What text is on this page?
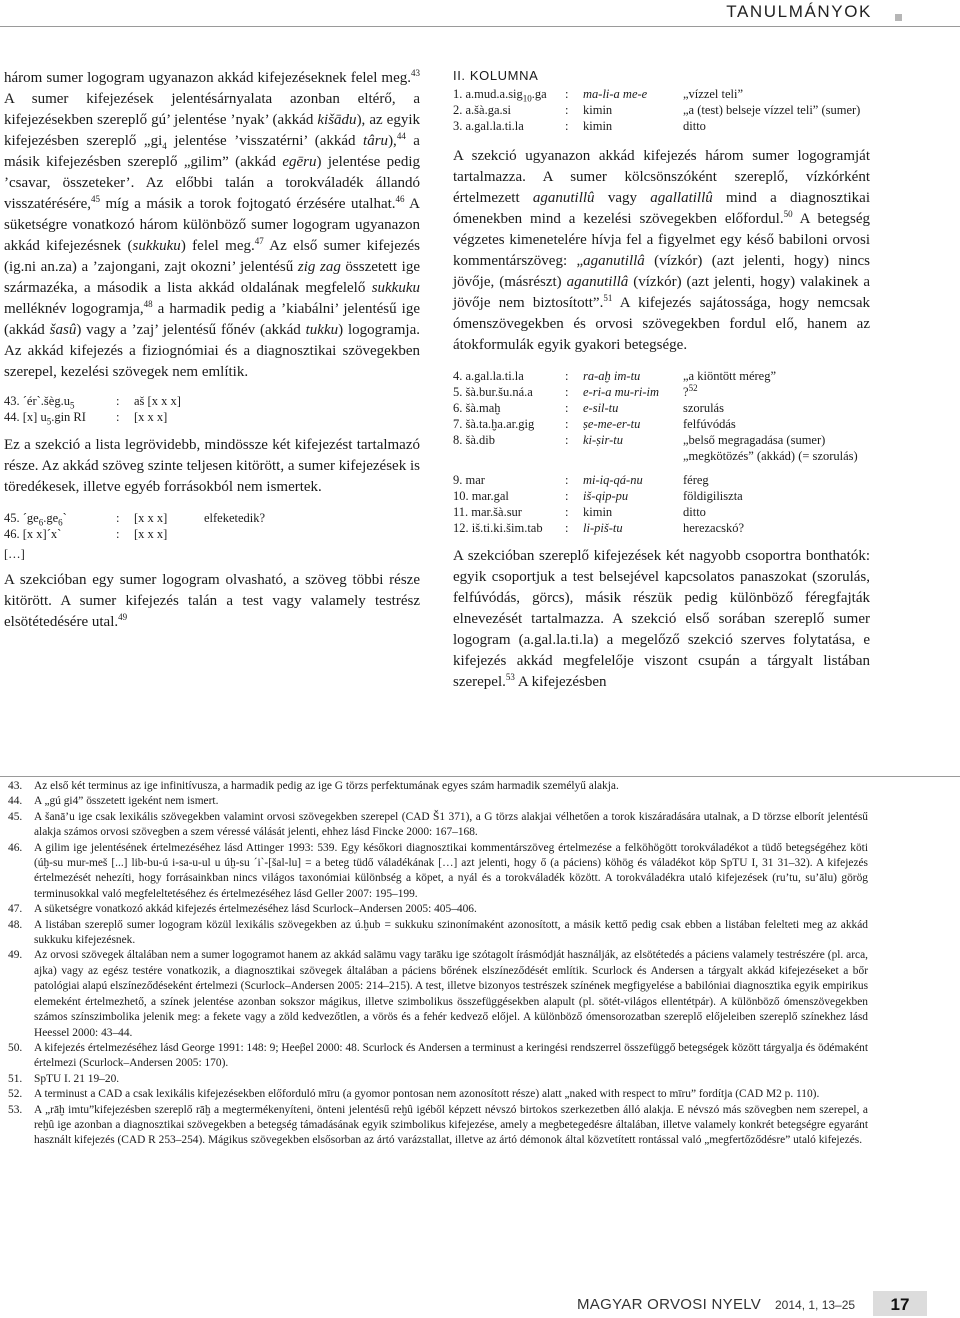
TANULMÁNYOK

három sumer logogram ugyanazon akkád kifejezéseknek felel meg.$^{43}$ A sumer kifejezések jelentésárnyalata azonban eltérő, a kifejezésekben szereplő gú’ jelentése ’nyak’ (akkád kišādu), az egyik kifejezésben szereplő $„gi_4$ jelentése ’visszatérni’ (akkád târu),$^{44}$ a másik kifejezésben szereplő „gilim” (akkád egēru) jelentése pedig ’csavar, összeteker’. Az előbbi talán a torokváladék állandó visszatérésére,$^{45}$ míg a másik a torok fojtogató érzésére utalhat.$^{46}$ A süketségre vonatkozó három különböző sumer logogram ugyanazon akkád kifejezésnek (sukkuku) felel meg.$^{47}$ Az első sumer kifejezés (ig.ni an.za) a ’zajongani, zajt okozni’ jelentésű zig zag összetett ige származéka, a második a lista akkád oldalának megfelelő sukkuku melléknév logogramja,$^{48}$ a harmadik pedig a ’kiabálni’ jelentésű ige (akkád šasû) vagy a ’zaj’ jelentésű főnév (akkád tukku) logogramja. Az akkád kifejezés a fiziognómiai és a diagnosztikai szövegekben szerepel, kezelési szövegek nem említik.

43. $´ér`.šèg.u_5$	:	aš [x x x]
44. [x] $u_5.gin$ RI	:	[x x x]

Ez a szekció a lista legrövidebb, mindössze két kifejezést tartalmazó része. Az akkád szöveg szinte teljesen kitörött, a sumer kifejezések is töredékesek, illetve egyéb forrásokból nem ismertek.

45. $´ge_6.ge_6`$	:	[x x x]	elfeketedik?
46. [x x]´x`	:	[x x x]	
[…]

A szekcióban egy sumer logogram olvasható, a szöveg többi része kitörött. A sumer kifejezés talán a test vagy valamely testrész elsötétedésére utal.$^{49}$

II. KOLUMNA
1. a.mud.a.sig$_{10}$.ga	:	ma-li-a me-e	„vízzel teli”
2. a.šà.ga.si	:	kimin	„a (test) belseje vízzel teli” (sumer)
3. a.gal.la.ti.la	:	kimin	ditto

A szekció ugyanazon akkád kifejezés három sumer logogramját tartalmazza. A sumer kölcsönszóként szereplő, vízkórként értelmezett aganutillû vagy agallatillû mind a diagnosztikai ómenekben mind a kezelési szövegekben előfordul.$^{50}$ A betegség végzetes kimenetelére hívja fel a figyelmet egy késő babiloni orvosi kommentárszöveg: „aganutillâ (vízkór) (azt jelenti, hogy) nincs jövője, (másrészt) aganutillâ (vízkór) (azt jelenti, hogy) valakinek a jövője nem biztosított”.$^{51}$ A kifejezés sajátossága, hogy nemcsak ómenszövegekben és orvosi szövegekben fordul elő, hanem az átokformulák egyik gyakori betegsége.

4. a.gal.la.ti.la	:	ra-aḫ im-tu	„a kiöntött méreg”
5. šà.bur.šu.ná.a	:	e-ri-a mu-ri-im	?$^{52}$
6. šà.maḫ	:	e-sil-tu	szorulás
7. šà.ta.ḫa.ar.gig	:	ṣe-me-er-tu	felfúvódás
8. šà.dib	:	ki-ṣir-tu	„belső megragadása (sumer)
			„megkötözés” (akkád) (= szorulás)
9. mar	:	mi-iq-qá-nu	féreg
10. mar.gal	:	iš-qip-pu	földigiliszta
11. mar.šà.sur	:	kimin	ditto
12. iš.ti.ki.šim.tab	:	li-piš-tu	herezacskó?

A szekcióban szereplő kifejezések két nagyobb csoportra bonthatók: egyik csoportjuk a test belsejével kapcsolatos panaszokat (szorulás, felfúvódás, görcs), másik részük pedig különböző féregfajták elnevezését tartalmazza. A szekció első sorában szereplő sumer logogram (a.gal.la.ti.la) a megelőző szekció szerves folytatása, e kifejezés akkád megfelelője viszont csupán a tárgyalt listában szerepel.$^{53}$ A kifejezésben

43.	Az első két terminus az ige infinitívusza, a harmadik pedig az ige G törzs perfektumának egyes szám harmadik személyű alakja.

44.	A „gú gi4” összetett igeként nem ismert.

45.	A šanā’u ige csak lexikális szövegekben valamint orvosi szövegekben szerepel (CAD Š1 371), a G törzs alakjai vélhetően a torok kiszáradására utalnak, a D törzse elborít jelentésű alakja számos orvosi szövegben a szem véressé válását jelenti, ehhez lásd Fincke 2000: 167–168.

46.	A gilim ige jelentésének értelmezéséhez lásd Attinger 1993: 539. Egy későkori diagnosztikai kommentárszöveg értelmezése a felköhögött torokváladékot a tüdő betegségéhez köti (úḫ-su mur-meš [...] lib-bu-ú i-sa-u-ul u úḫ-su ´i`-[šal-lu] = a beteg tüdő váladékának […] azt jelenti, hogy ő (a páciens) köhög és váladékot köp SpTU I, 31 31–32). A kifejezés értelmezését nehezíti, hogy forrásainkban nincs világos taxonómiai különbség a köpet, a nyál és a torokváladék között. A torokváladékra utaló kifejezések (ru’tu, su’ālu) görög terminusokkal való megfeleltetéséhez és értelmezéséhez lásd Geller 2007: 195–199.

47.	A süketségre vonatkozó akkád kifejezés értelmezéséhez lásd Scurlock–Andersen 2005: 405–406.

48.	A listában szereplő sumer logogram közül lexikális szövegekben az ú.ḫub = sukkuku szinonímaként azonosított, a másik kettő pedig csak ebben a listában felelteti meg az akkád sukkuku kifejezésnek.

49.	Az orvosi szövegek általában nem a sumer logogramot hanem az akkád salāmu vagy tarāku ige szótagolt írásmódját használják, az elsötétedés a páciens valamely testrészére (pl. arca, ajka) vagy az egész testére vonatkozik, a diagnosztikai szövegek általában a páciens bőrének elszíneződését említik. Scurlock és Andersen a tárgyalt akkád kifejezéseket a bőr patológiai alapú elszíneződéseként értelmezi (Scurlock–Andersen 2005: 214–215). A test, illetve bizonyos testrészek színének megfigyelése a babilóniai diagnosztika egyik empirikus elemeként értelmezhető, a színek jelentése azonban sokszor mágikus, illetve szimbolikus összefüggésekben alapult (pl. sötét-világos ellentétpár). A különböző ómenszövegekben számos színszimbolika jelenik meg: a fekete vagy a zöld kedvezőtlen, a vörös és a fehér kedvező előjel. A különböző ómensorozatban szereplő előjeleiben szereplő színekhez lásd Heessel 2000: 43–44.

50.	A kifejezés értelmezéséhez lásd George 1991: 148: 9; Heeβel 2000: 48. Scurlock és Andersen a terminust a keringési rendszerrel összefüggő betegségek között tárgyalja és ödémaként értelmezi (Scurlock–Andersen 2005: 170).

51.	SpTU I. 21 19–20.

52.	A terminust a CAD a csak lexikális kifejezésekben előforduló mīru (a gyomor pontosan nem azonosított része) alatt „naked with respect to mīru” fordítja (CAD M2 p. 110).

53.	A „rāḫ imtu”kifejezésben szereplő rāḫ a megtermékenyíteni, önteni jelentésű reḫû igéből képzett névszó birtokos szerkezetben álló alakja. E névszó más szövegben nem szerepel, a reḫû ige azonban a diagnosztikai szövegekben a betegség támadásának egyik szimbolikus kifejezése, amely a megbetegedésre általában, illetve valamely konkrét betegségre egyaránt használt kifejezés (CAD R 253–254). Mágikus szövegekben elsősorban az ártó varázstallat, illetve az ártó démonok által közvetített rontással való „megfertőződésre” utaló kifejezés.

MAGYAR ORVOSI NYELV 2014, 1, 13–25	17
